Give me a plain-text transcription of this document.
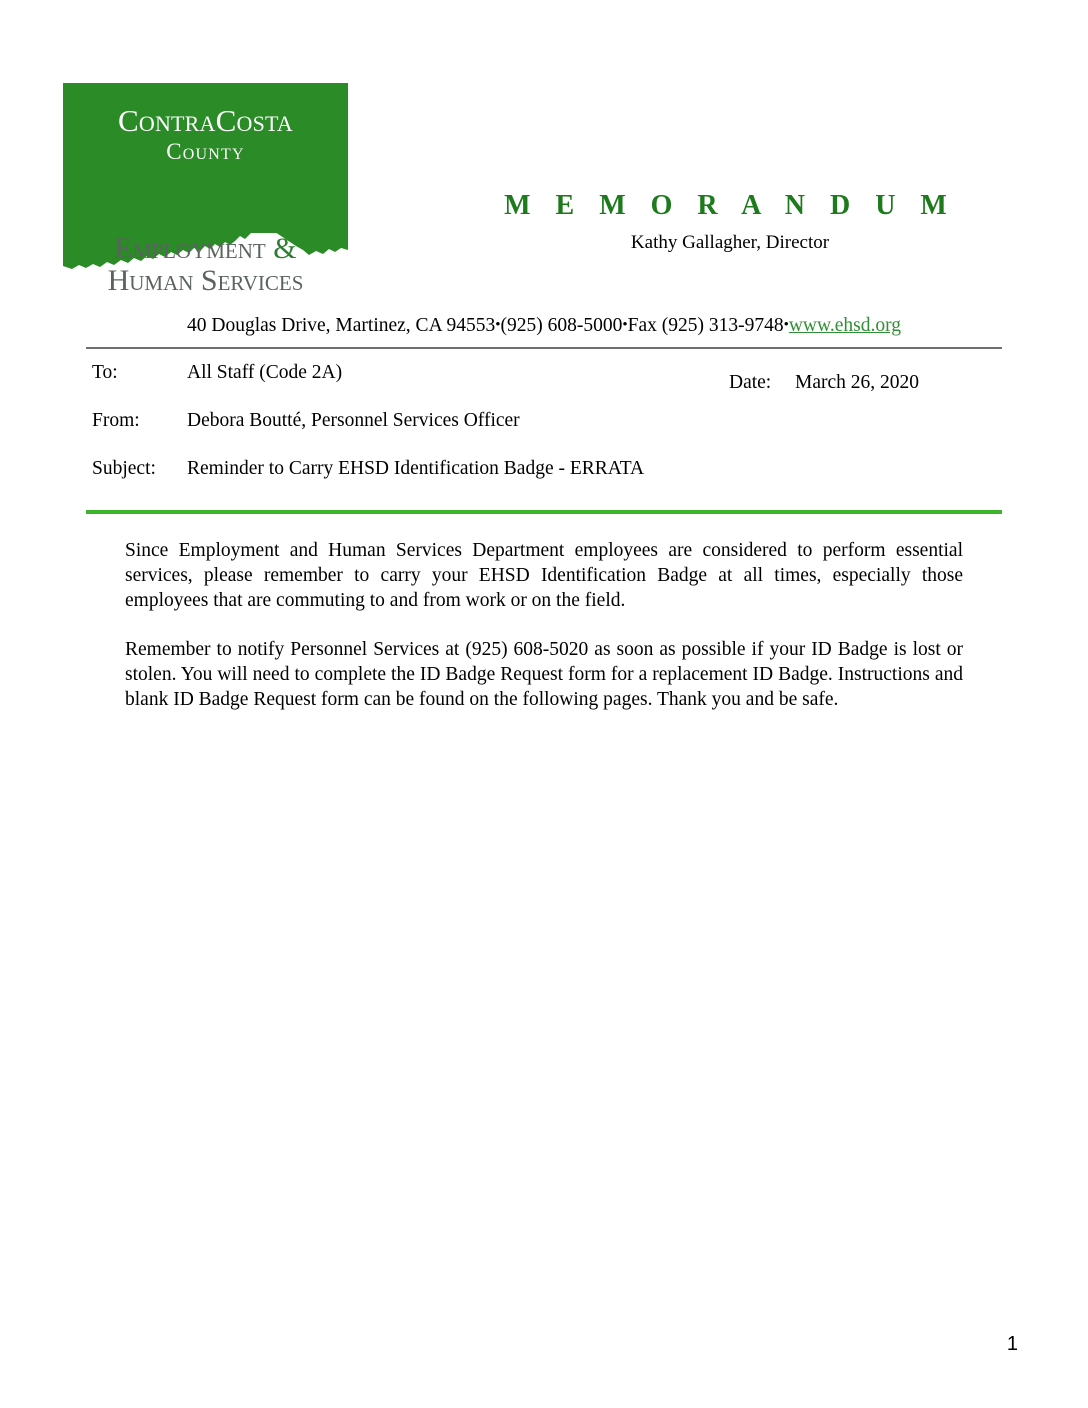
ContraCosta
County
Employment &
Human Services
M E M O R A N D U M
Kathy Gallagher, Director
40 Douglas Drive, Martinez, CA 94553•(925) 608-5000•Fax (925) 313-9748•www.ehsd.org
To:	All Staff (Code 2A)	Date: March 26, 2020
From: Debora Boutté, Personnel Services Officer
Subject: Reminder to Carry EHSD Identification Badge - ERRATA

Since Employment and Human Services Department employees are considered to perform essential services, please remember to carry your EHSD Identification Badge at all times, especially those employees that are commuting to and from work or on the field.

Remember to notify Personnel Services at (925) 608-5020 as soon as possible if your ID Badge is lost or stolen. You will need to complete the ID Badge Request form for a replacement ID Badge. Instructions and blank ID Badge Request form can be found on the following pages. Thank you and be safe.

1
